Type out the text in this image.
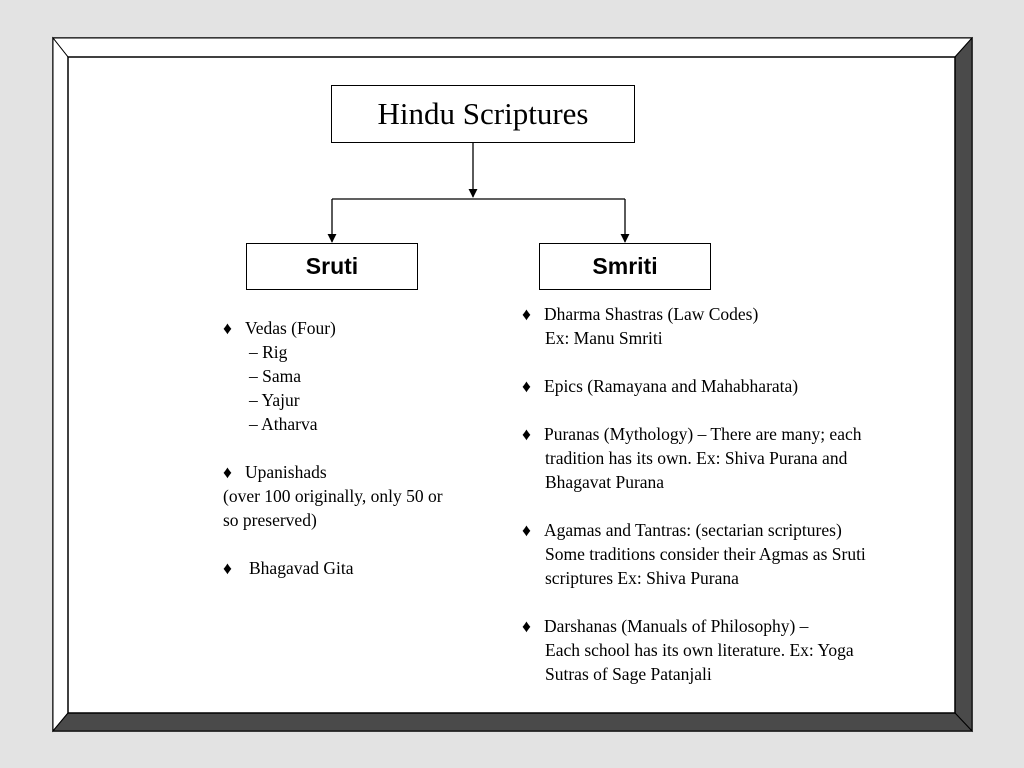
Hindu Scriptures
Sruti	Smriti
♦ Vedas (Four)
– Rig
– Sama
– Yajur
– Atharva
♦ Upanishads
(over 100 originally, only 50 or
so preserved)
♦ Bhagavad Gita
♦ Dharma Shastras (Law Codes)
Ex: Manu Smriti
♦ Epics (Ramayana and Mahabharata)
♦ Puranas (Mythology) – There are many; each
tradition has its own. Ex: Shiva Purana and
Bhagavat Purana
♦ Agamas and Tantras: (sectarian scriptures)
Some traditions consider their Agmas as Sruti
scriptures Ex: Shiva Purana
♦ Darshanas (Manuals of Philosophy) –
Each school has its own literature. Ex: Yoga
Sutras of Sage Patanjali
